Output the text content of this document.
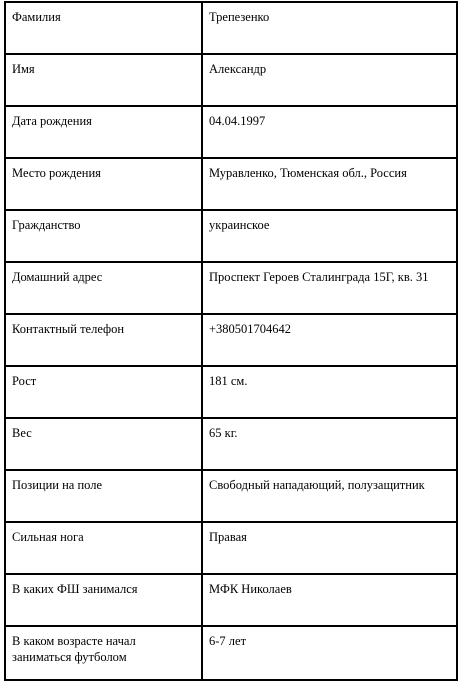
Фамилия	Трепезенко
Имя	Александр
Дата рождения	04.04.1997
Место рождения	Муравленко, Тюменская обл., Россия
Гражданство	украинское
Домашний адрес	Проспект Героев Сталинграда 15Г, кв. 31
Контактный телефон	+380501704642
Рост	181 см.
Вес	65 кг.
Позиции на поле	Свободный нападающий, полузащитник
Сильная нога	Правая
В каких ФШ занимался	МФК Николаев
В каком возрасте начал заниматься футболом	6-7 лет
